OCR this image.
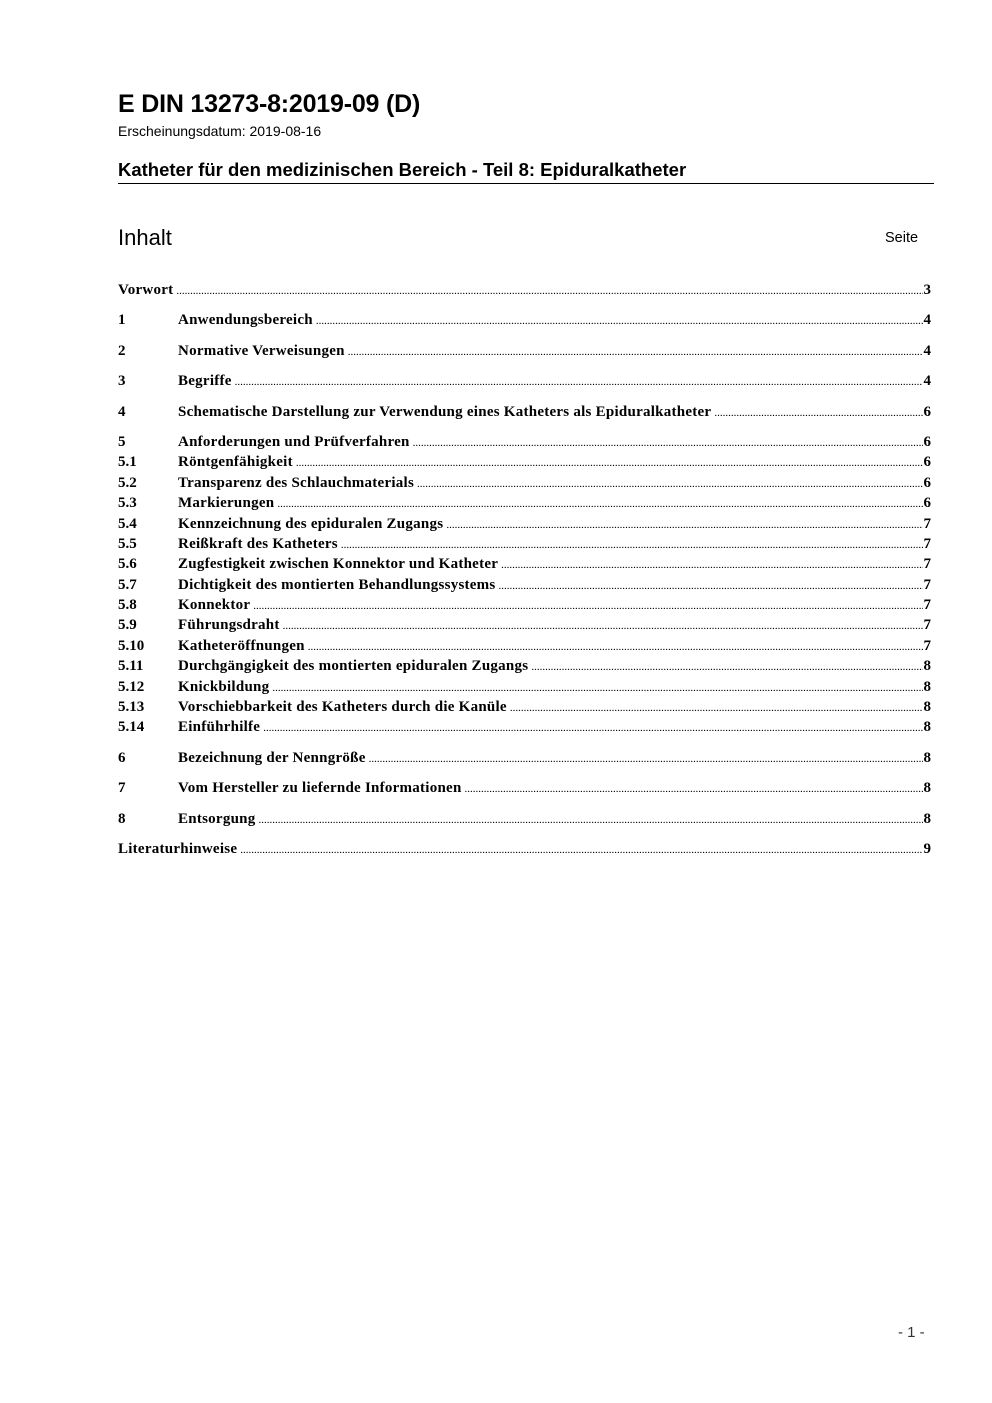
E DIN 13273-8:2019-09 (D)
Erscheinungsdatum: 2019-08-16
Katheter für den medizinischen Bereich - Teil 8: Epiduralkatheter
Inhalt	Seite
Vorwort .....	3
1	Anwendungsbereich .....	4
2	Normative Verweisungen .....	4
3	Begriffe .....	4
4	Schematische Darstellung zur Verwendung eines Katheters als Epiduralkatheter .....	6
5	Anforderungen und Prüfverfahren .....	6
5.1	Röntgenfähigkeit .....	6
5.2	Transparenz des Schlauchmaterials .....	6
5.3	Markierungen .....	6
5.4	Kennzeichnung des epiduralen Zugangs .....	7
5.5	Reißkraft des Katheters .....	7
5.6	Zugfestigkeit zwischen Konnektor und Katheter .....	7
5.7	Dichtigkeit des montierten Behandlungssystems .....	7
5.8	Konnektor .....	7
5.9	Führungsdraht .....	7
5.10	Katheteröffnungen .....	7
5.11	Durchgängigkeit des montierten epiduralen Zugangs .....	8
5.12	Knickbildung .....	8
5.13	Vorschiebbarkeit des Katheters durch die Kanüle .....	8
5.14	Einführhilfe .....	8
6	Bezeichnung der Nenngröße .....	8
7	Vom Hersteller zu liefernde Informationen .....	8
8	Entsorgung .....	8
Literaturhinweise .....	9
- 1 -
